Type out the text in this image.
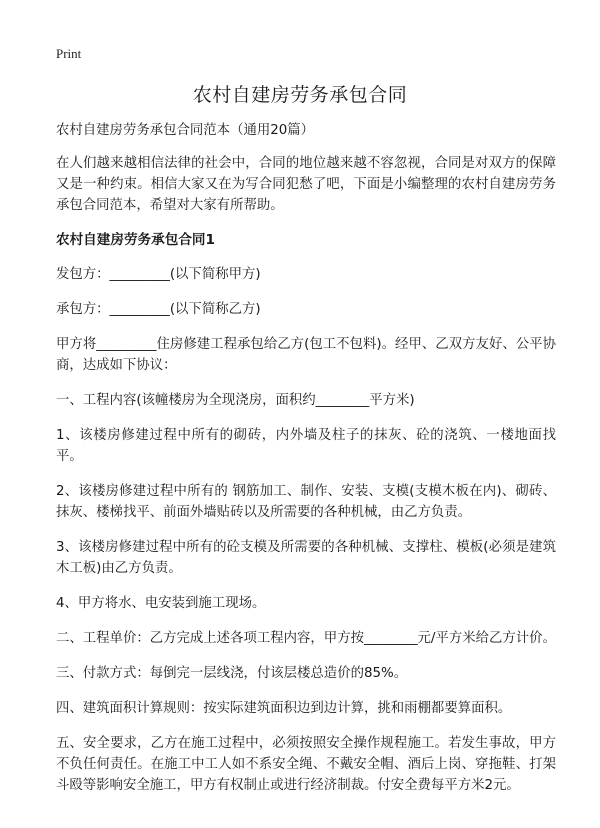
Print
农村自建房劳务承包合同

农村自建房劳务承包合同范本（通用20篇）

在人们越来越相信法律的社会中，合同的地位越来越不容忽视，合同是对双方的保障又是一种约束。相信大家又在为写合同犯愁了吧，下面是小编整理的农村自建房劳务承包合同范本，希望对大家有所帮助。

农村自建房劳务承包合同1

发包方：_________(以下简称甲方)

承包方：_________(以下简称乙方)

甲方将_________住房修建工程承包给乙方(包工不包料)。经甲、乙双方友好、公平协商，达成如下协议：

一、工程内容(该幢楼房为全现浇房，面积约________平方米)

1、该楼房修建过程中所有的砌砖，内外墙及柱子的抹灰、砼的浇筑、一楼地面找平。

2、该楼房修建过程中所有的 钢筋加工、制作、安装、支模(支模木板在内)、砌砖、抹灰、楼梯找平、前面外墙贴砖以及所需要的各种机械，由乙方负责。

3、该楼房修建过程中所有的砼支模及所需要的各种机械、支撑柱、模板(必须是建筑木工板)由乙方负责。

4、甲方将水、电安装到施工现场。

二、工程单价：乙方完成上述各项工程内容，甲方按________元/平方米给乙方计价。

三、付款方式：每倒完一层线浇，付该层楼总造价的85%。

四、建筑面积计算规则：按实际建筑面积边到边计算，挑和雨棚都要算面积。

五、安全要求，乙方在施工过程中，必须按照安全操作规程施工。若发生事故，甲方不负任何责任。在施工中工人如不系安全绳、不戴安全帽、酒后上岗、穿拖鞋、打架斗殴等影响安全施工，甲方有权制止或进行经济制裁。付安全费每平方米2元。
